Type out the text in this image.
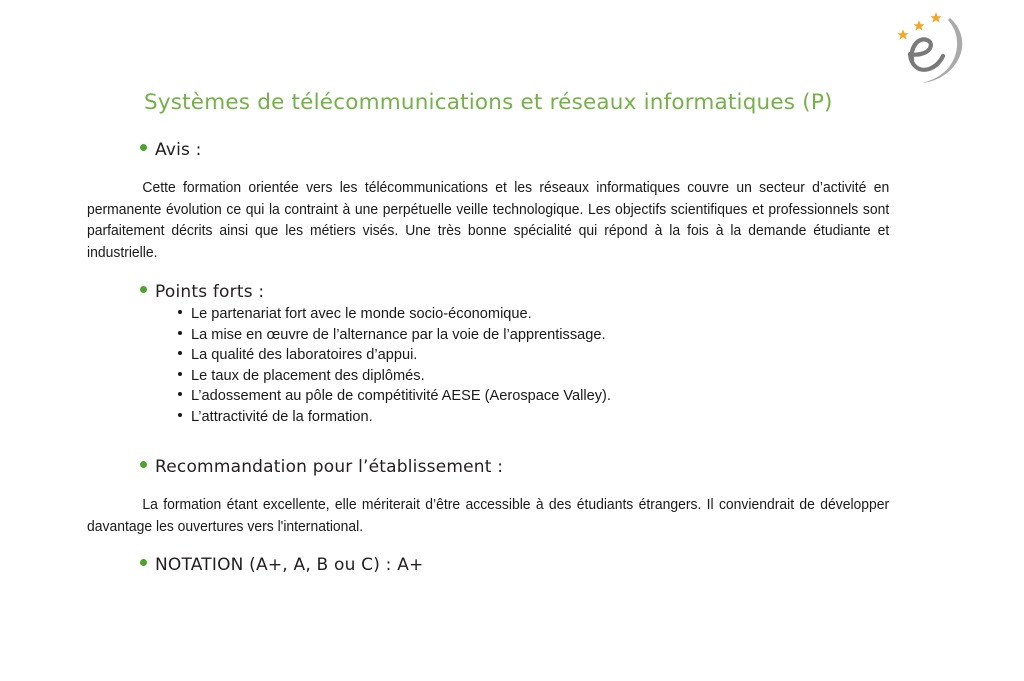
Systèmes de télécommunications et réseaux informatiques (P)
Avis :
Cette formation orientée vers les télécommunications et les réseaux informatiques couvre un secteur d’activité en permanente évolution ce qui la contraint à une perpétuelle veille technologique. Les objectifs scientifiques et professionnels sont parfaitement décrits ainsi que les métiers visés. Une très bonne spécialité qui répond à la fois à la demande étudiante et industrielle.
Points forts :
Le partenariat fort avec le monde socio-économique.
La mise en œuvre de l’alternance par la voie de l’apprentissage.
La qualité des laboratoires d’appui.
Le taux de placement des diplômés.
L’adossement au pôle de compétitivité AESE (Aerospace Valley).
L’attractivité de la formation.
Recommandation pour l’établissement :
La formation étant excellente, elle mériterait d’être accessible à des étudiants étrangers. Il conviendrait de développer davantage les ouvertures vers l'international.
NOTATION (A+, A, B ou C) : A+
